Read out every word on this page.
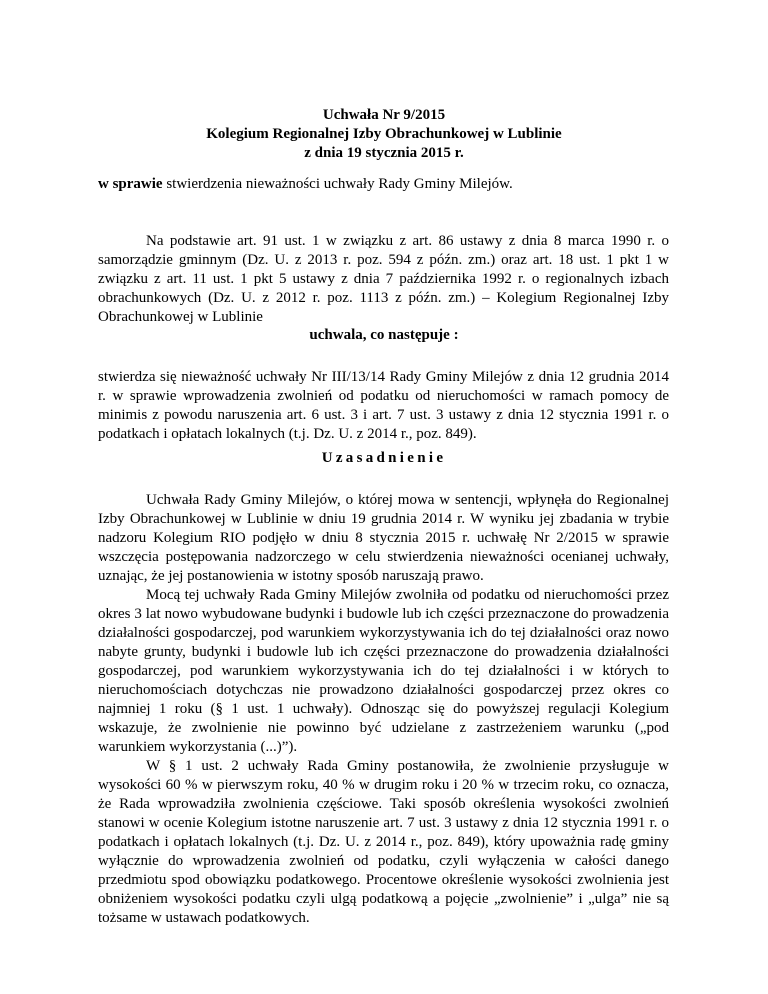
Uchwała Nr 9/2015
Kolegium Regionalnej Izby Obrachunkowej w Lublinie
z dnia 19 stycznia 2015 r.
w sprawie stwierdzenia nieważności uchwały Rady Gminy Milejów.
Na podstawie art. 91 ust. 1 w związku z art. 86 ustawy z dnia 8 marca 1990 r. o samorządzie gminnym (Dz. U. z 2013 r. poz. 594 z późn. zm.) oraz art. 18 ust. 1 pkt 1 w związku z art. 11 ust. 1 pkt 5 ustawy z dnia 7 października 1992 r. o regionalnych izbach obrachunkowych (Dz. U. z 2012 r. poz. 1113 z późn. zm.) – Kolegium Regionalnej Izby Obrachunkowej w Lublinie
uchwala, co następuje :
stwierdza się nieważność uchwały Nr III/13/14 Rady Gminy Milejów z dnia 12 grudnia 2014 r. w sprawie wprowadzenia zwolnień od podatku od nieruchomości w ramach pomocy de minimis z powodu naruszenia art. 6 ust. 3 i art. 7 ust. 3 ustawy z dnia 12 stycznia 1991 r. o podatkach i opłatach lokalnych (t.j. Dz. U. z 2014 r., poz. 849).
Uzasadnienie

Uchwała Rady Gminy Milejów, o której mowa w sentencji, wpłynęła do Regionalnej Izby Obrachunkowej w Lublinie w dniu 19 grudnia 2014 r. W wyniku jej zbadania w trybie nadzoru Kolegium RIO podjęło w dniu 8 stycznia 2015 r. uchwałę Nr 2/2015 w sprawie wszczęcia postępowania nadzorczego w celu stwierdzenia nieważności ocenianej uchwały, uznając, że jej postanowienia w istotny sposób naruszają prawo.

Mocą tej uchwały Rada Gminy Milejów zwolniła od podatku od nieruchomości przez okres 3 lat nowo wybudowane budynki i budowle lub ich części przeznaczone do prowadzenia działalności gospodarczej, pod warunkiem wykorzystywania ich do tej działalności oraz nowo nabyte grunty, budynki i budowle lub ich części przeznaczone do prowadzenia działalności gospodarczej, pod warunkiem wykorzystywania ich do tej działalności i w których to nieruchomościach dotychczas nie prowadzono działalności gospodarczej przez okres co najmniej 1 roku (§ 1 ust. 1 uchwały). Odnosząc się do powyższej regulacji Kolegium wskazuje, że zwolnienie nie powinno być udzielane z zastrzeżeniem warunku („pod warunkiem wykorzystania (...)”).

W § 1 ust. 2 uchwały Rada Gminy postanowiła, że zwolnienie przysługuje w wysokości 60 % w pierwszym roku, 40 % w drugim roku i 20 % w trzecim roku, co oznacza, że Rada wprowadziła zwolnienia częściowe. Taki sposób określenia wysokości zwolnień stanowi w ocenie Kolegium istotne naruszenie art. 7 ust. 3 ustawy z dnia 12 stycznia 1991 r. o podatkach i opłatach lokalnych (t.j. Dz. U. z 2014 r., poz. 849), który upoważnia radę gminy wyłącznie do wprowadzenia zwolnień od podatku, czyli wyłączenia w całości danego przedmiotu spod obowiązku podatkowego. Procentowe określenie wysokości zwolnienia jest obniżeniem wysokości podatku czyli ulgą podatkową a pojęcie „zwolnienie” i „ulga” nie są tożsame w ustawach podatkowych.
